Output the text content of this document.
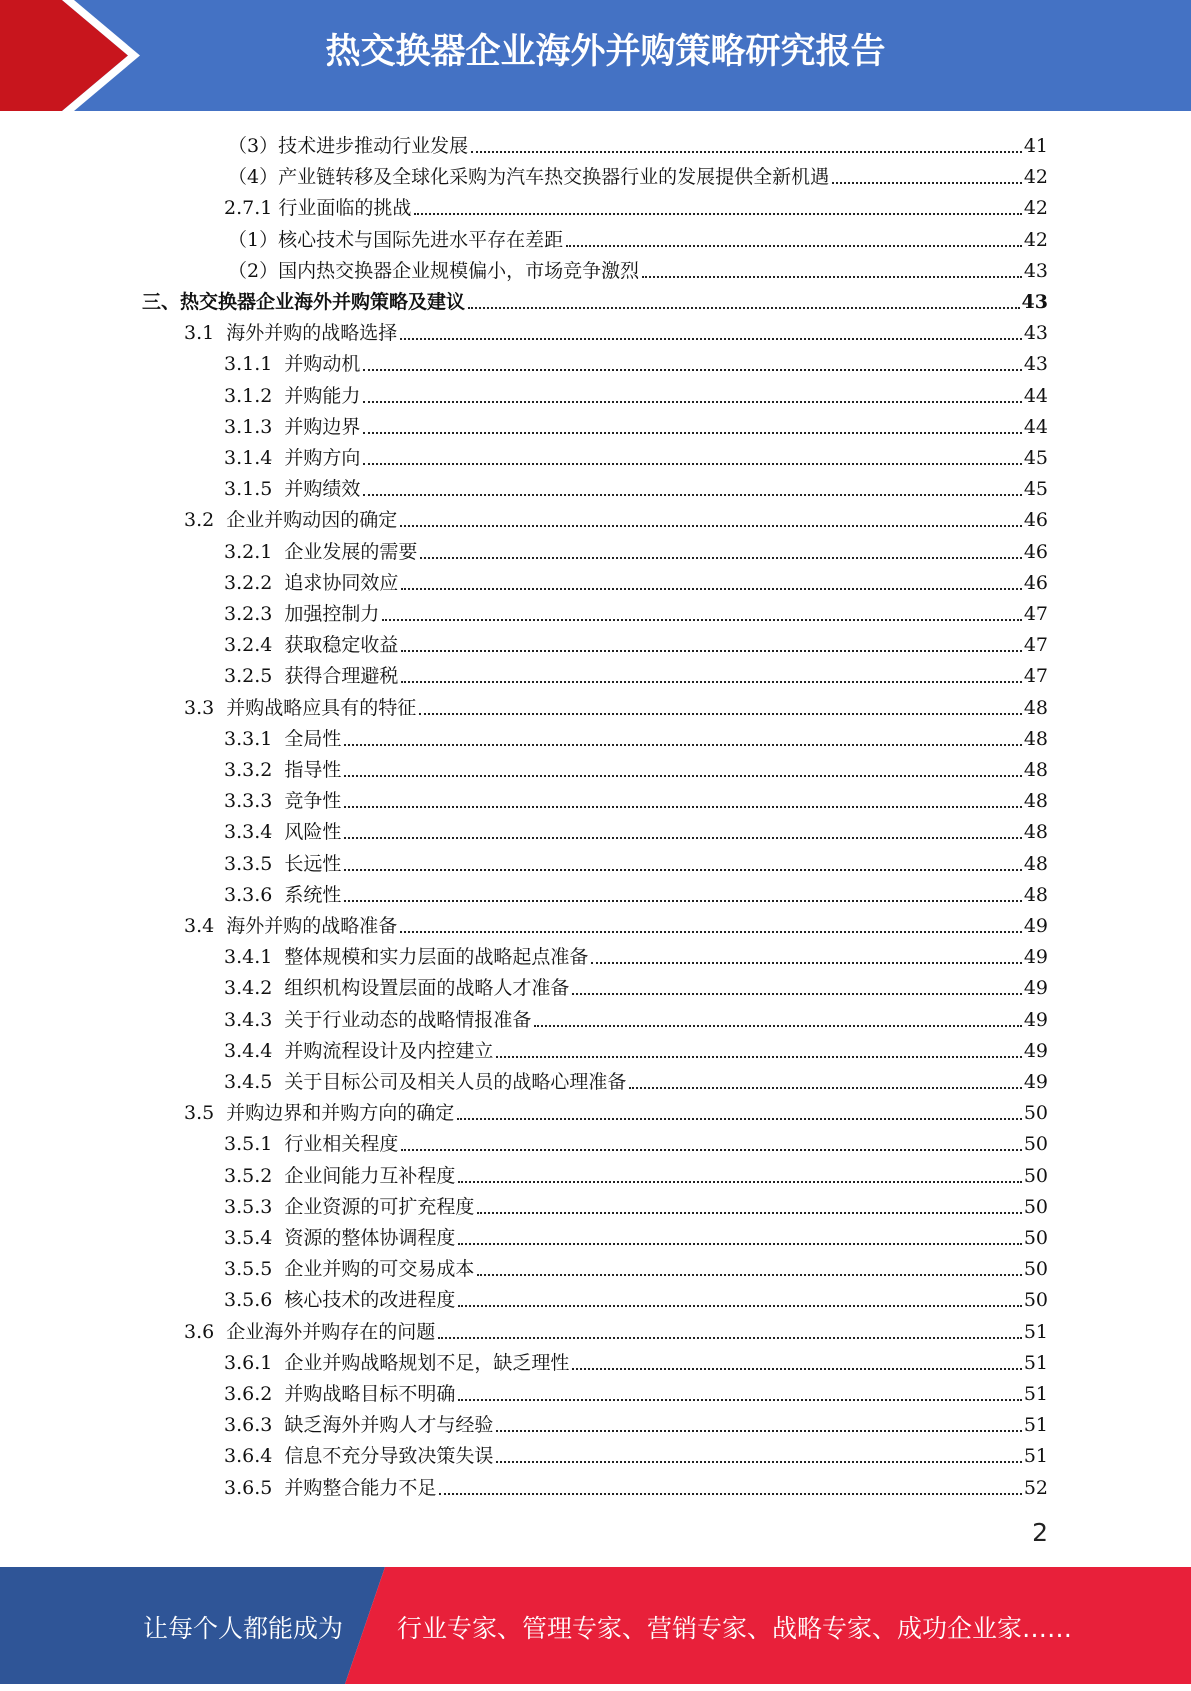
热交换器企业海外并购策略研究报告
（3）技术进步推动行业发展	41
（4）产业链转移及全球化采购为汽车热交换器行业的发展提供全新机遇	42
2.7.1 行业面临的挑战	42
（1）核心技术与国际先进水平存在差距	42
（2）国内热交换器企业规模偏小，市场竞争激烈	43
三、热交换器企业海外并购策略及建议	43
3.1  海外并购的战略选择	43
3.1.1  并购动机	43
3.1.2  并购能力	44
3.1.3  并购边界	44
3.1.4  并购方向	45
3.1.5  并购绩效	45
3.2  企业并购动因的确定	46
3.2.1  企业发展的需要	46
3.2.2  追求协同效应	46
3.2.3  加强控制力	47
3.2.4  获取稳定收益	47
3.2.5  获得合理避税	47
3.3  并购战略应具有的特征	48
3.3.1  全局性	48
3.3.2  指导性	48
3.3.3  竞争性	48
3.3.4  风险性	48
3.3.5  长远性	48
3.3.6  系统性	48
3.4  海外并购的战略准备	49
3.4.1  整体规模和实力层面的战略起点准备	49
3.4.2  组织机构设置层面的战略人才准备	49
3.4.3  关于行业动态的战略情报准备	49
3.4.4  并购流程设计及内控建立	49
3.4.5  关于目标公司及相关人员的战略心理准备	49
3.5  并购边界和并购方向的确定	50
3.5.1  行业相关程度	50
3.5.2  企业间能力互补程度	50
3.5.3  企业资源的可扩充程度	50
3.5.4  资源的整体协调程度	50
3.5.5  企业并购的可交易成本	50
3.5.6  核心技术的改进程度	50
3.6  企业海外并购存在的问题	51
3.6.1  企业并购战略规划不足，缺乏理性	51
3.6.2  并购战略目标不明确	51
3.6.3  缺乏海外并购人才与经验	51
3.6.4  信息不充分导致决策失误	51
3.6.5  并购整合能力不足	52
2
让每个人都能成为 行业专家、管理专家、营销专家、战略专家、成功企业家……
